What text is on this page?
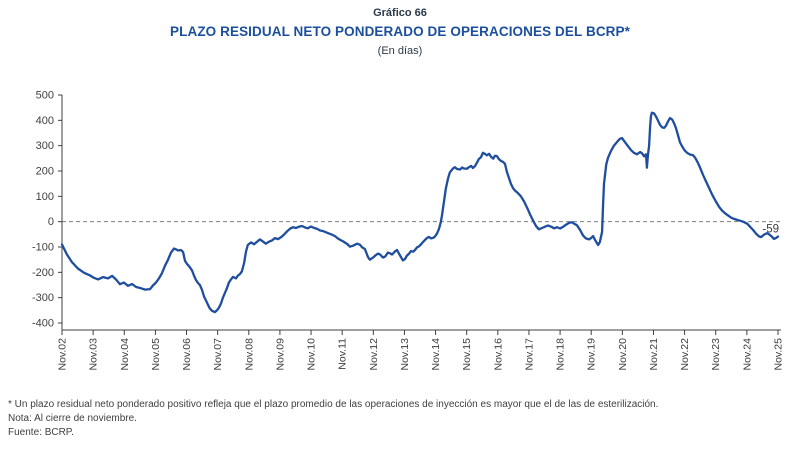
Gráfico 66
PLAZO RESIDUAL NETO PONDERADO DE OPERACIONES DEL BCRP*
(En días)
500
400
300
200
100
0
-100
-200
-300
-400
Nov.02 Nov.03 Nov.04 Nov.05 Nov.06 Nov.07 Nov.08 Nov.09 Nov.10 Nov.11 Nov.12 Nov.13 Nov.14 Nov.15 Nov.16 Nov.17 Nov.18 Nov.19 Nov.20 Nov.21 Nov.22 Nov.23 Nov.24 Nov.25
-59
* Un plazo residual neto ponderado positivo refleja que el plazo promedio de las operaciones de inyección es mayor que el de las de esterilización.
Nota: Al cierre de noviembre.
Fuente: BCRP.
